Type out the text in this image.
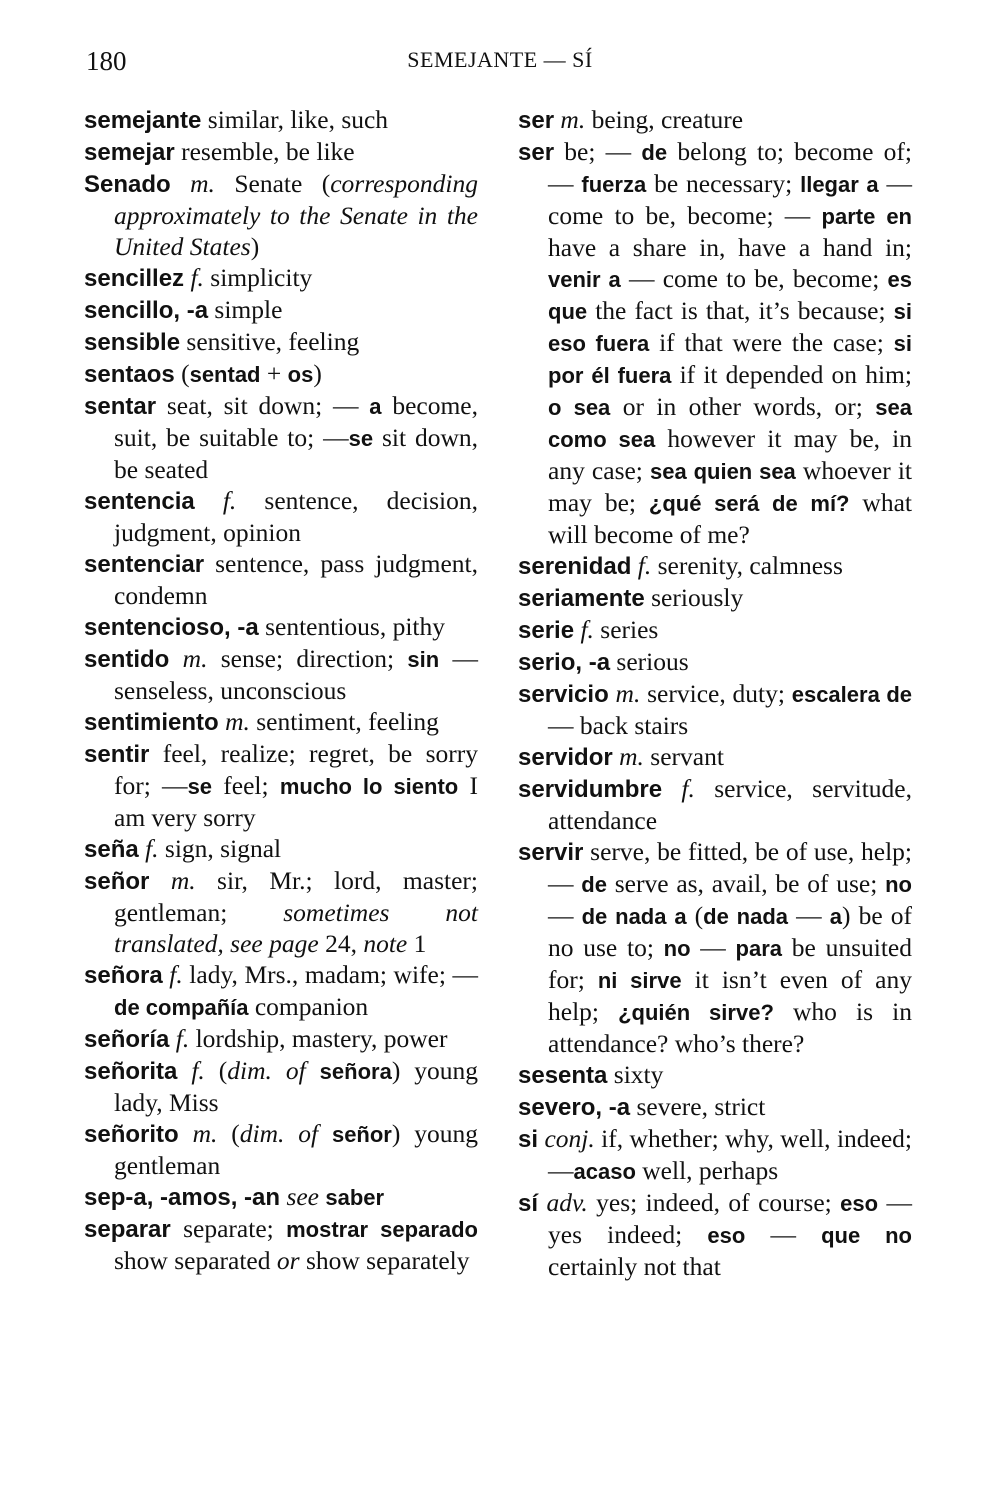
180	SEMEJANTE — SÍ
semejante similar, like, such
semejar resemble, be like
Senado m. Senate (corresponding approximately to the Senate in the United States)
sencillez f. simplicity
sencillo, -a simple
sensible sensitive, feeling
sentaos (sentad + os)
sentar seat, sit down; — a become, suit, be suitable to; —se sit down, be seated
sentencia f. sentence, decision, judgment, opinion
sentenciar sentence, pass judgment, condemn
sentencioso, -a sententious, pithy
sentido m. sense; direction; sin — senseless, unconscious
sentimiento m. sentiment, feeling
sentir feel, realize; regret, be sorry for; —se feel; mucho lo siento I am very sorry
seña f. sign, signal
señor m. sir, Mr.; lord, master; gentleman; sometimes not translated, see page 24, note 1
señora f. lady, Mrs., madam; wife; — de compañía companion
señoría f. lordship, mastery, power
señorita f. (dim. of señora) young lady, Miss
señorito m. (dim. of señor) young gentleman
sep-a, -amos, -an see saber
separar separate; mostrar separado show separated or show separately
ser m. being, creature
ser be; — de belong to; become of; — fuerza be necessary; llegar a — come to be, become; — parte en have a share in, have a hand in; venir a — come to be, become; es que the fact is that, it’s because; si eso fuera if that were the case; si por él fuera if it depended on him; o sea or in other words, or; sea como sea however it may be, in any case; sea quien sea whoever it may be; ¿qué será de mí? what will become of me?
serenidad f. serenity, calmness
seriamente seriously
serie f. series
serio, -a serious
servicio m. service, duty; escalera de — back stairs
servidor m. servant
servidumbre f. service, servitude, attendance
servir serve, be fitted, be of use, help; — de serve as, avail, be of use; no — de nada a (de nada — a) be of no use to; no — para be unsuited for; ni sirve it isn’t even of any help; ¿quién sirve? who is in attendance? who’s there?
sesenta sixty
severo, -a severe, strict
si conj. if, whether; why, well, indeed; —acaso well, perhaps
sí adv. yes; indeed, of course; eso — yes indeed; eso — que no certainly not that
